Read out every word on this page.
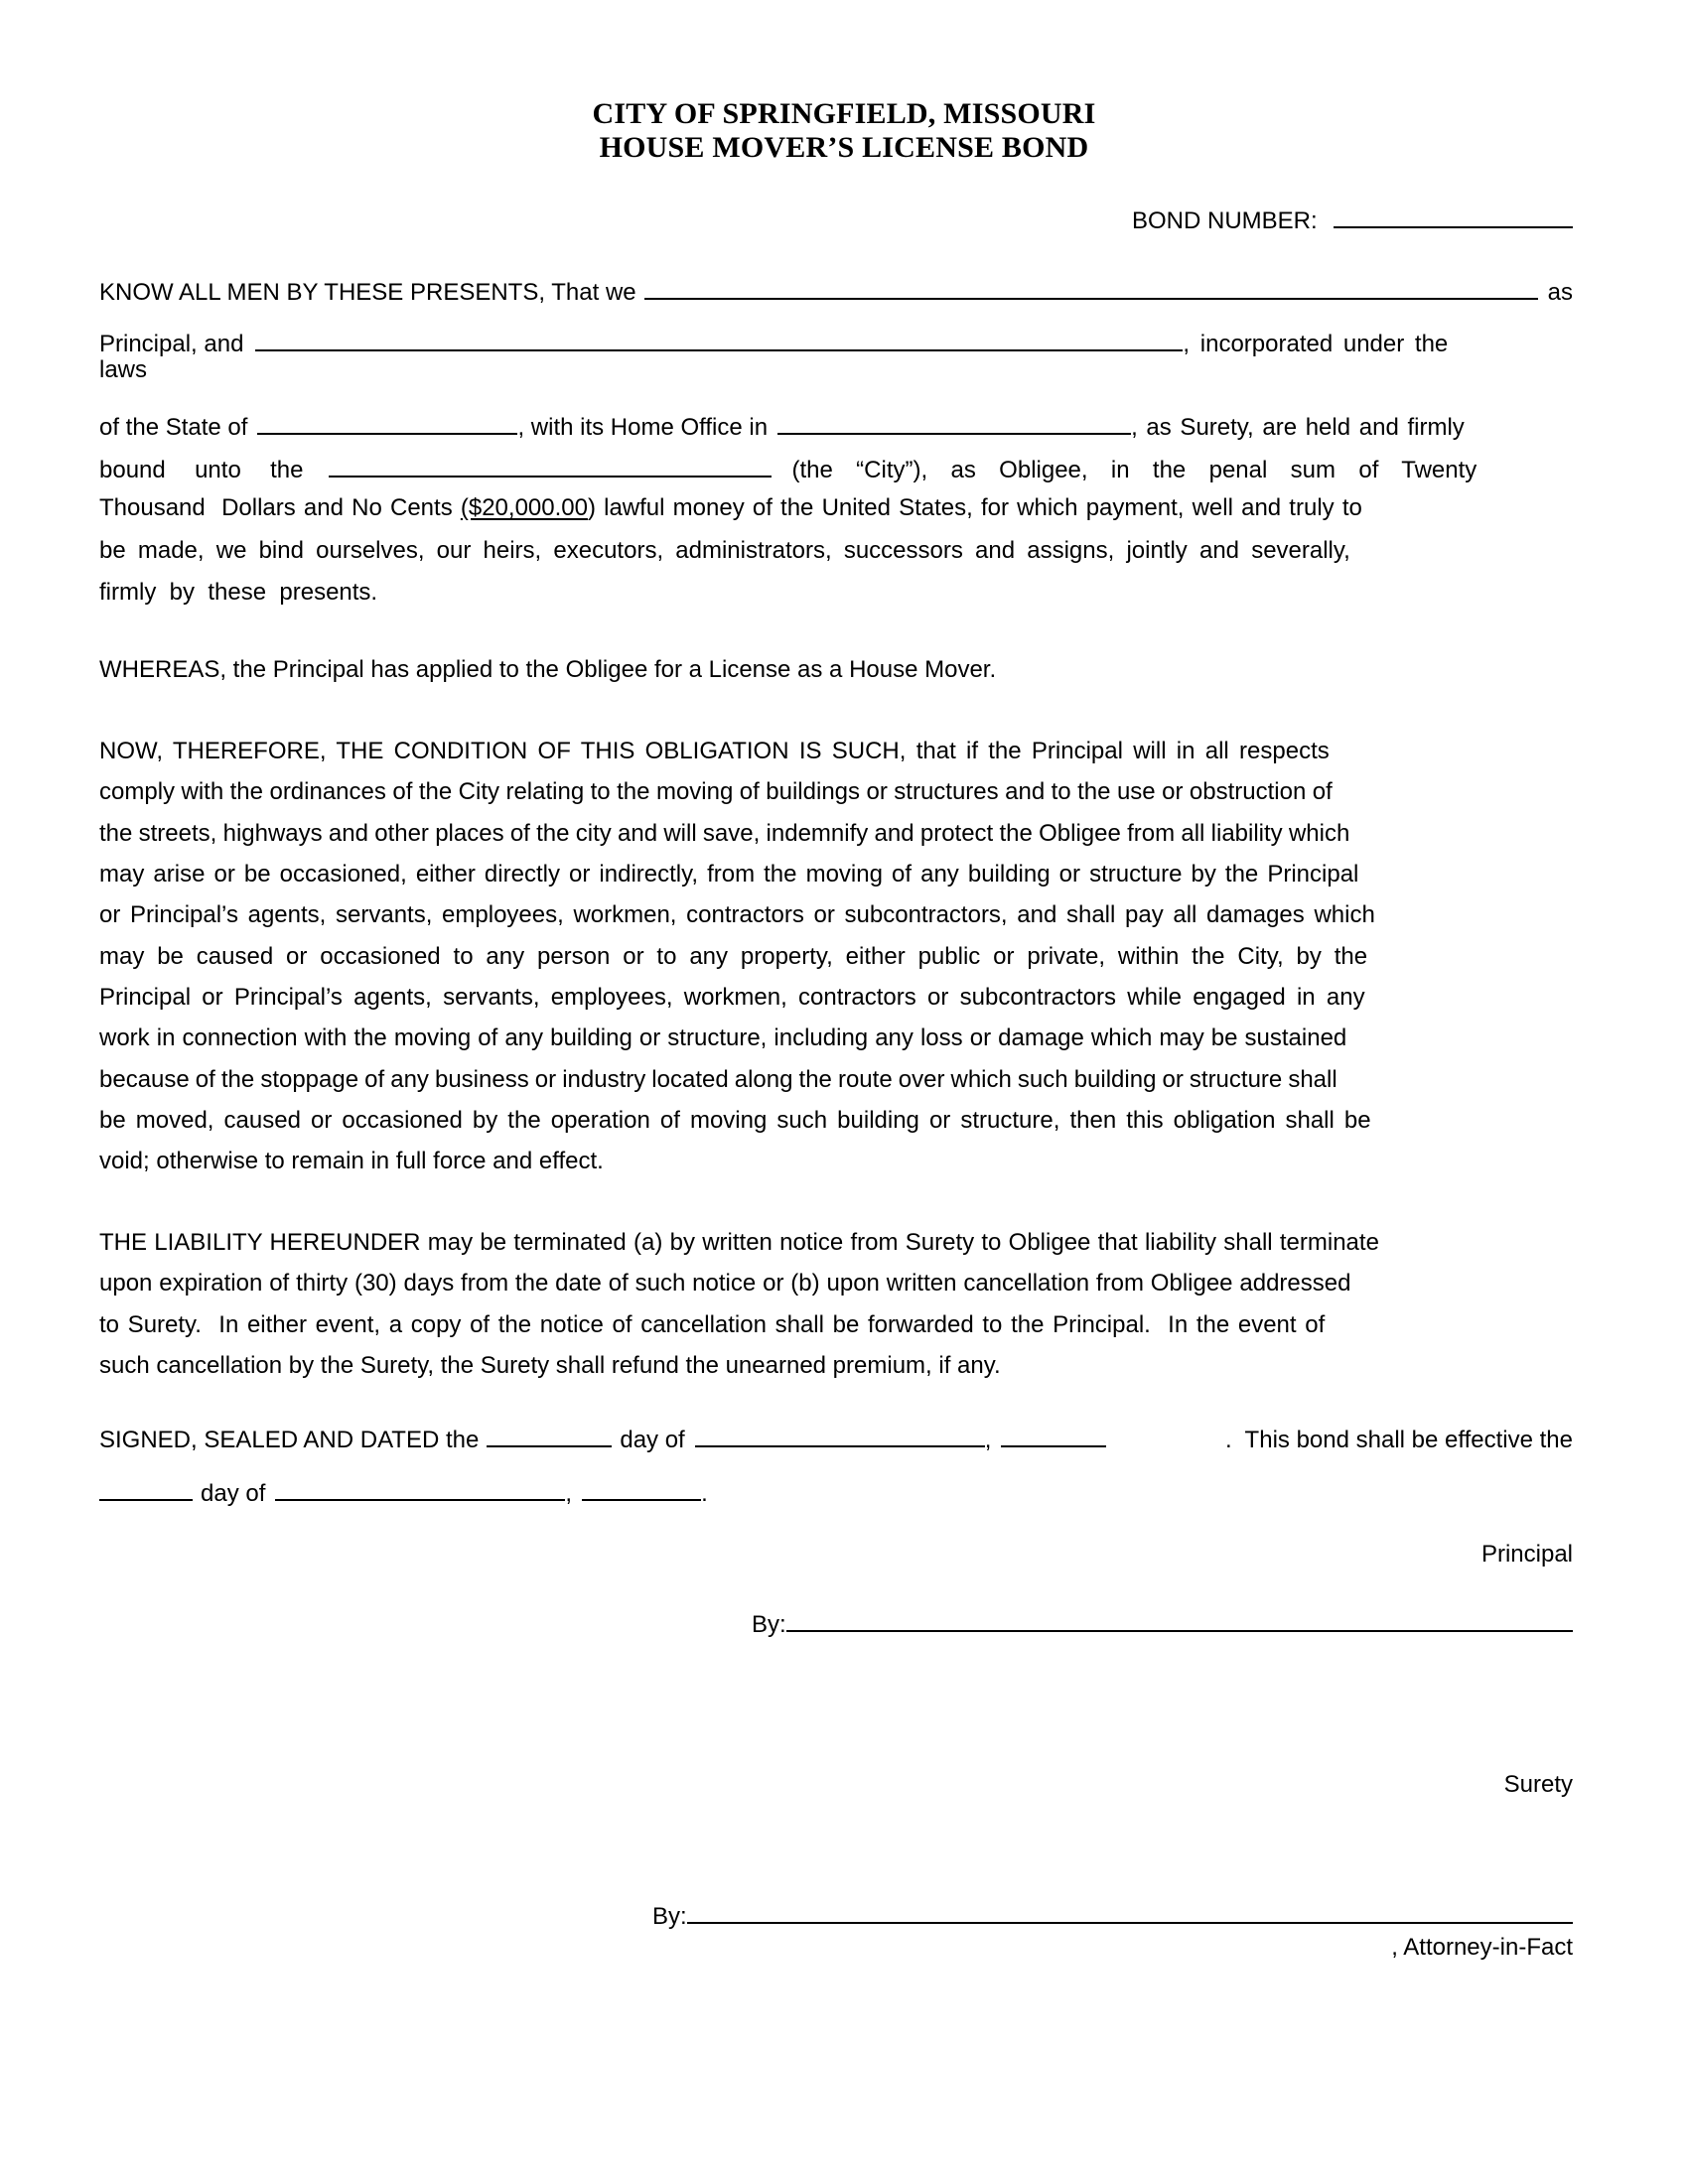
CITY OF SPRINGFIELD, MISSOURI
HOUSE MOVER’S LICENSE BOND
BOND NUMBER:
KNOW ALL MEN BY THESE PRESENTS, That we	as
Principal, and	, incorporated under the
laws
of the State of	, with its Home Office in	, as Surety, are held and firmly
bound  unto  the	(the  “City”),  as  Obligee,  in  the  penal  sum  of  Twenty
Thousand  Dollars and No Cents ($20,000.00) lawful money of the United States, for which payment, well and truly to
be made, we bind ourselves, our heirs, executors, administrators, successors and assigns, jointly and severally,
firmly  by  these  presents.
WHEREAS, the Principal has applied to the Obligee for a License as a House Mover.
NOW, THEREFORE, THE CONDITION OF THIS OBLIGATION IS SUCH, that if the Principal will in all respects
comply with the ordinances of the City relating to the moving of buildings or structures and to the use or obstruction of
the streets, highways and other places of the city and will save, indemnify and protect the Obligee from all liability which
may arise or be occasioned, either directly or indirectly, from the moving of any building or structure by the Principal
or Principal’s agents, servants, employees, workmen, contractors or subcontractors, and shall pay all damages which
may be caused or occasioned to any person or to any property, either public or private, within the City, by the
Principal or Principal’s agents, servants, employees, workmen, contractors or subcontractors while engaged in any
work in connection with the moving of any building or structure, including any loss or damage which may be sustained
because of the stoppage of any business or industry located along the route over which such building or structure shall
be moved, caused or occasioned by the operation of moving such building or structure, then this obligation shall be
void; otherwise to remain in full force and effect.
THE LIABILITY HEREUNDER may be terminated (a) by written notice from Surety to Obligee that liability shall terminate
upon expiration of thirty (30) days from the date of such notice or (b) upon written cancellation from Obligee addressed
to Surety.  In either event, a copy of the notice of cancellation shall be forwarded to the Principal.  In the event of
such cancellation by the Surety, the Surety shall refund the unearned premium, if any.
SIGNED, SEALED AND DATED the	day of	,	.  This bond shall be effective the
day of	,	.
Principal
By:
Surety
By:
, Attorney-in-Fact
